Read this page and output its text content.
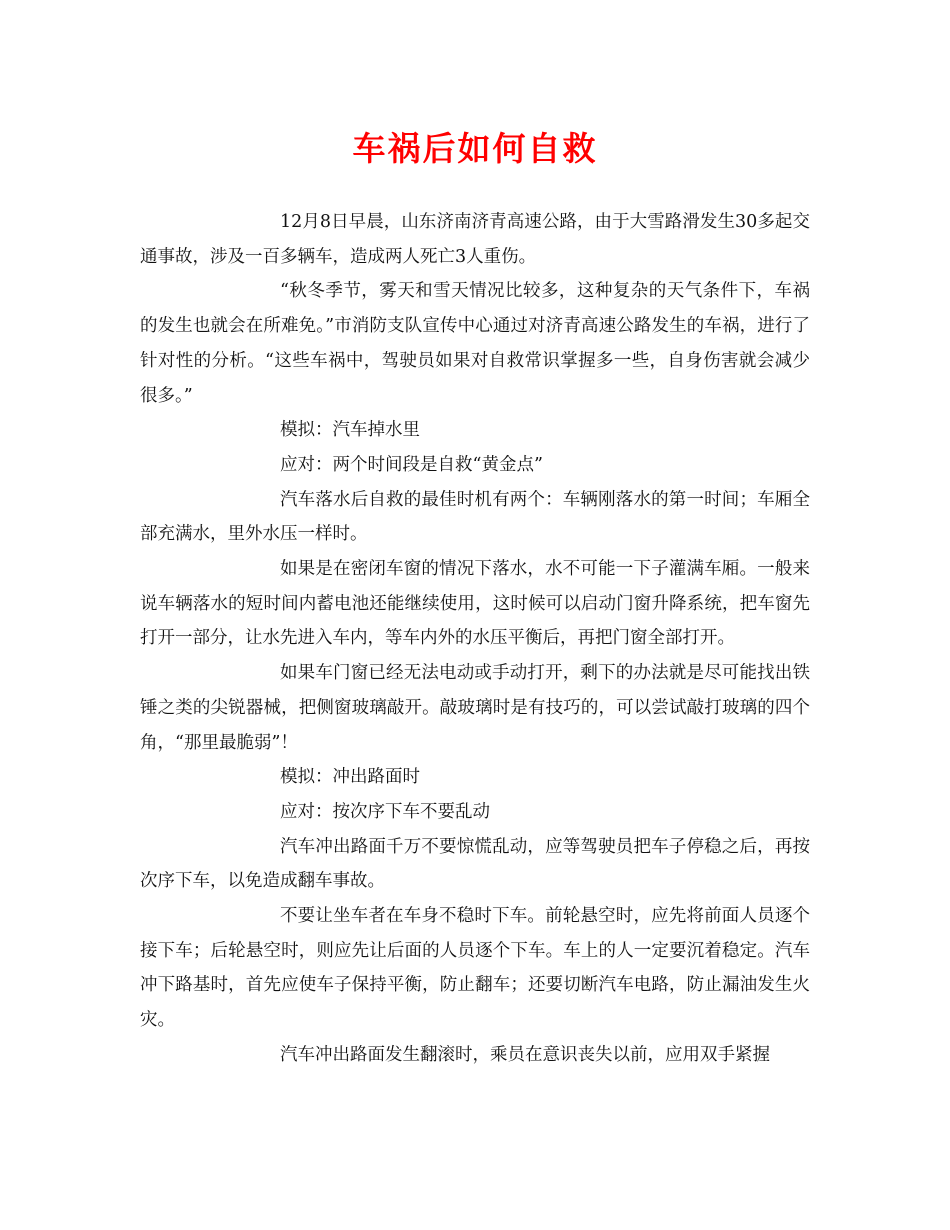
车祸后如何自救

12月8日早晨，山东济南济青高速公路，由于大雪路滑发生30多起交通事故，涉及一百多辆车，造成两人死亡3人重伤。

“秋冬季节，雾天和雪天情况比较多，这种复杂的天气条件下，车祸的发生也就会在所难免。”市消防支队宣传中心通过对济青高速公路发生的车祸，进行了针对性的分析。“这些车祸中，驾驶员如果对自救常识掌握多一些，自身伤害就会减少很多。”

模拟：汽车掉水里

应对：两个时间段是自救“黄金点”

汽车落水后自救的最佳时机有两个：车辆刚落水的第一时间；车厢全部充满水，里外水压一样时。

如果是在密闭车窗的情况下落水，水不可能一下子灌满车厢。一般来说车辆落水的短时间内蓄电池还能继续使用，这时候可以启动门窗升降系统，把车窗先打开一部分，让水先进入车内，等车内外的水压平衡后，再把门窗全部打开。

如果车门窗已经无法电动或手动打开，剩下的办法就是尽可能找出铁锤之类的尖锐器械，把侧窗玻璃敲开。敲玻璃时是有技巧的，可以尝试敲打玻璃的四个角，“那里最脆弱”！

模拟：冲出路面时

应对：按次序下车不要乱动

汽车冲出路面千万不要惊慌乱动，应等驾驶员把车子停稳之后，再按次序下车，以免造成翻车事故。

不要让坐车者在车身不稳时下车。前轮悬空时，应先将前面人员逐个接下车；后轮悬空时，则应先让后面的人员逐个下车。车上的人一定要沉着稳定。汽车冲下路基时，首先应使车子保持平衡，防止翻车；还要切断汽车电路，防止漏油发生火灾。

汽车冲出路面发生翻滚时，乘员在意识丧失以前，应用双手紧握
